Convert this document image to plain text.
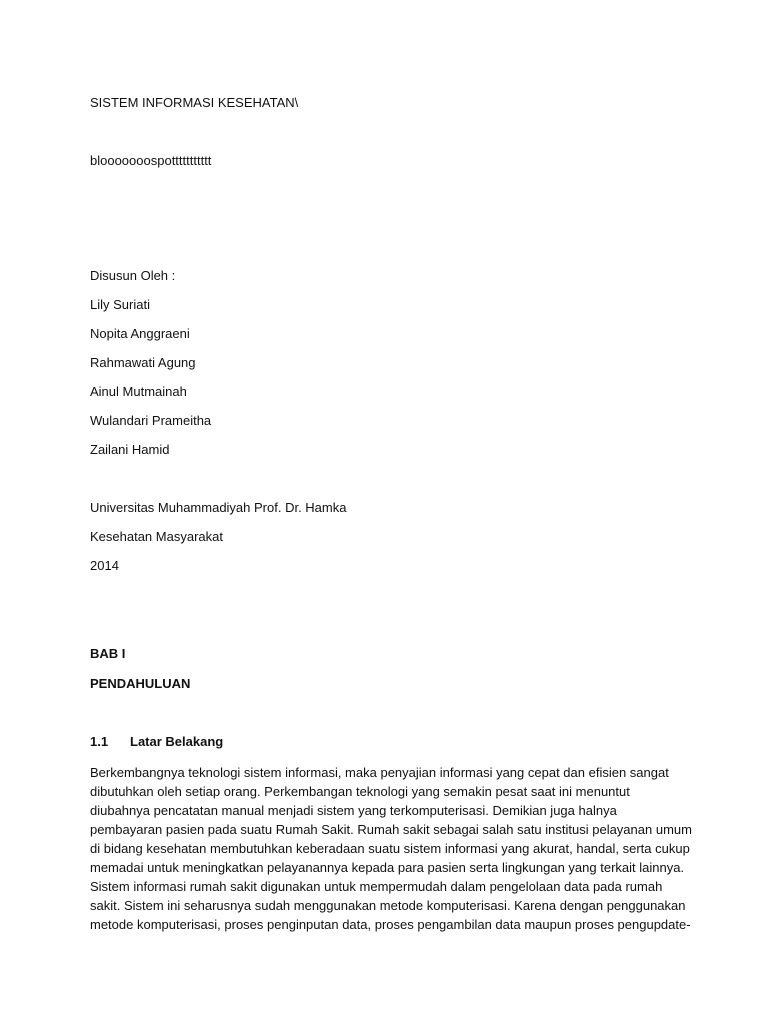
SISTEM INFORMASI KESEHATAN\

blooooooospottttttttttt

Disusun Oleh :

Lily Suriati

Nopita Anggraeni

Rahmawati Agung

Ainul Mutmainah

Wulandari Prameitha

Zailani Hamid

Universitas Muhammadiyah Prof. Dr. Hamka

Kesehatan Masyarakat

2014

BAB I

PENDAHULUAN

1.1 Latar Belakang

Berkembangnya teknologi sistem informasi, maka penyajian informasi yang cepat dan efisien sangat
dibutuhkan oleh setiap orang. Perkembangan teknologi yang semakin pesat saat ini menuntut
diubahnya pencatatan manual menjadi sistem yang terkomputerisasi. Demikian juga halnya
pembayaran pasien pada suatu Rumah Sakit. Rumah sakit sebagai salah satu institusi pelayanan umum
di bidang kesehatan membutuhkan keberadaan suatu sistem informasi yang akurat, handal, serta cukup
memadai untuk meningkatkan pelayanannya kepada para pasien serta lingkungan yang terkait lainnya.
Sistem informasi rumah sakit digunakan untuk mempermudah dalam pengelolaan data pada rumah
sakit. Sistem ini seharusnya sudah menggunakan metode komputerisasi. Karena dengan penggunakan
metode komputerisasi, proses penginputan data, proses pengambilan data maupun proses pengupdate-
